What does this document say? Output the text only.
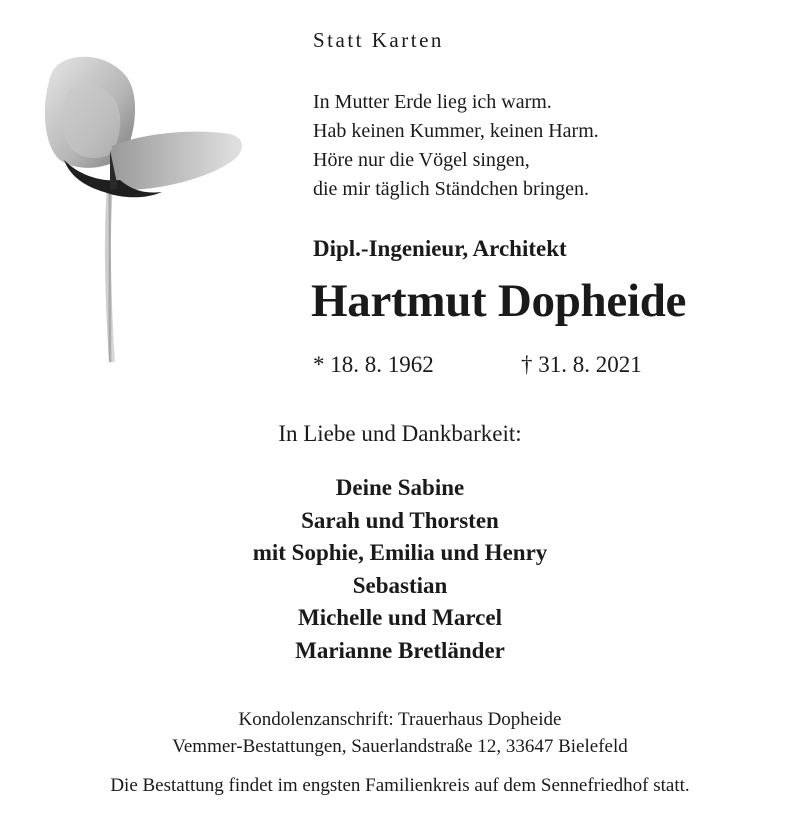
Statt Karten
In Mutter Erde lieg ich warm.
Hab keinen Kummer, keinen Harm.
Höre nur die Vögel singen,
die mir täglich Ständchen bringen.
Dipl.-Ingenieur, Architekt
Hartmut Dopheide
* 18. 8. 1962	† 31. 8. 2021
In Liebe und Dankbarkeit:
Deine Sabine
Sarah und Thorsten
mit Sophie, Emilia und Henry
Sebastian
Michelle und Marcel
Marianne Bretländer
Kondolenzanschrift: Trauerhaus Dopheide
Vemmer-Bestattungen, Sauerlandstraße 12, 33647 Bielefeld
Die Bestattung findet im engsten Familienkreis auf dem Sennefriedhof statt.
